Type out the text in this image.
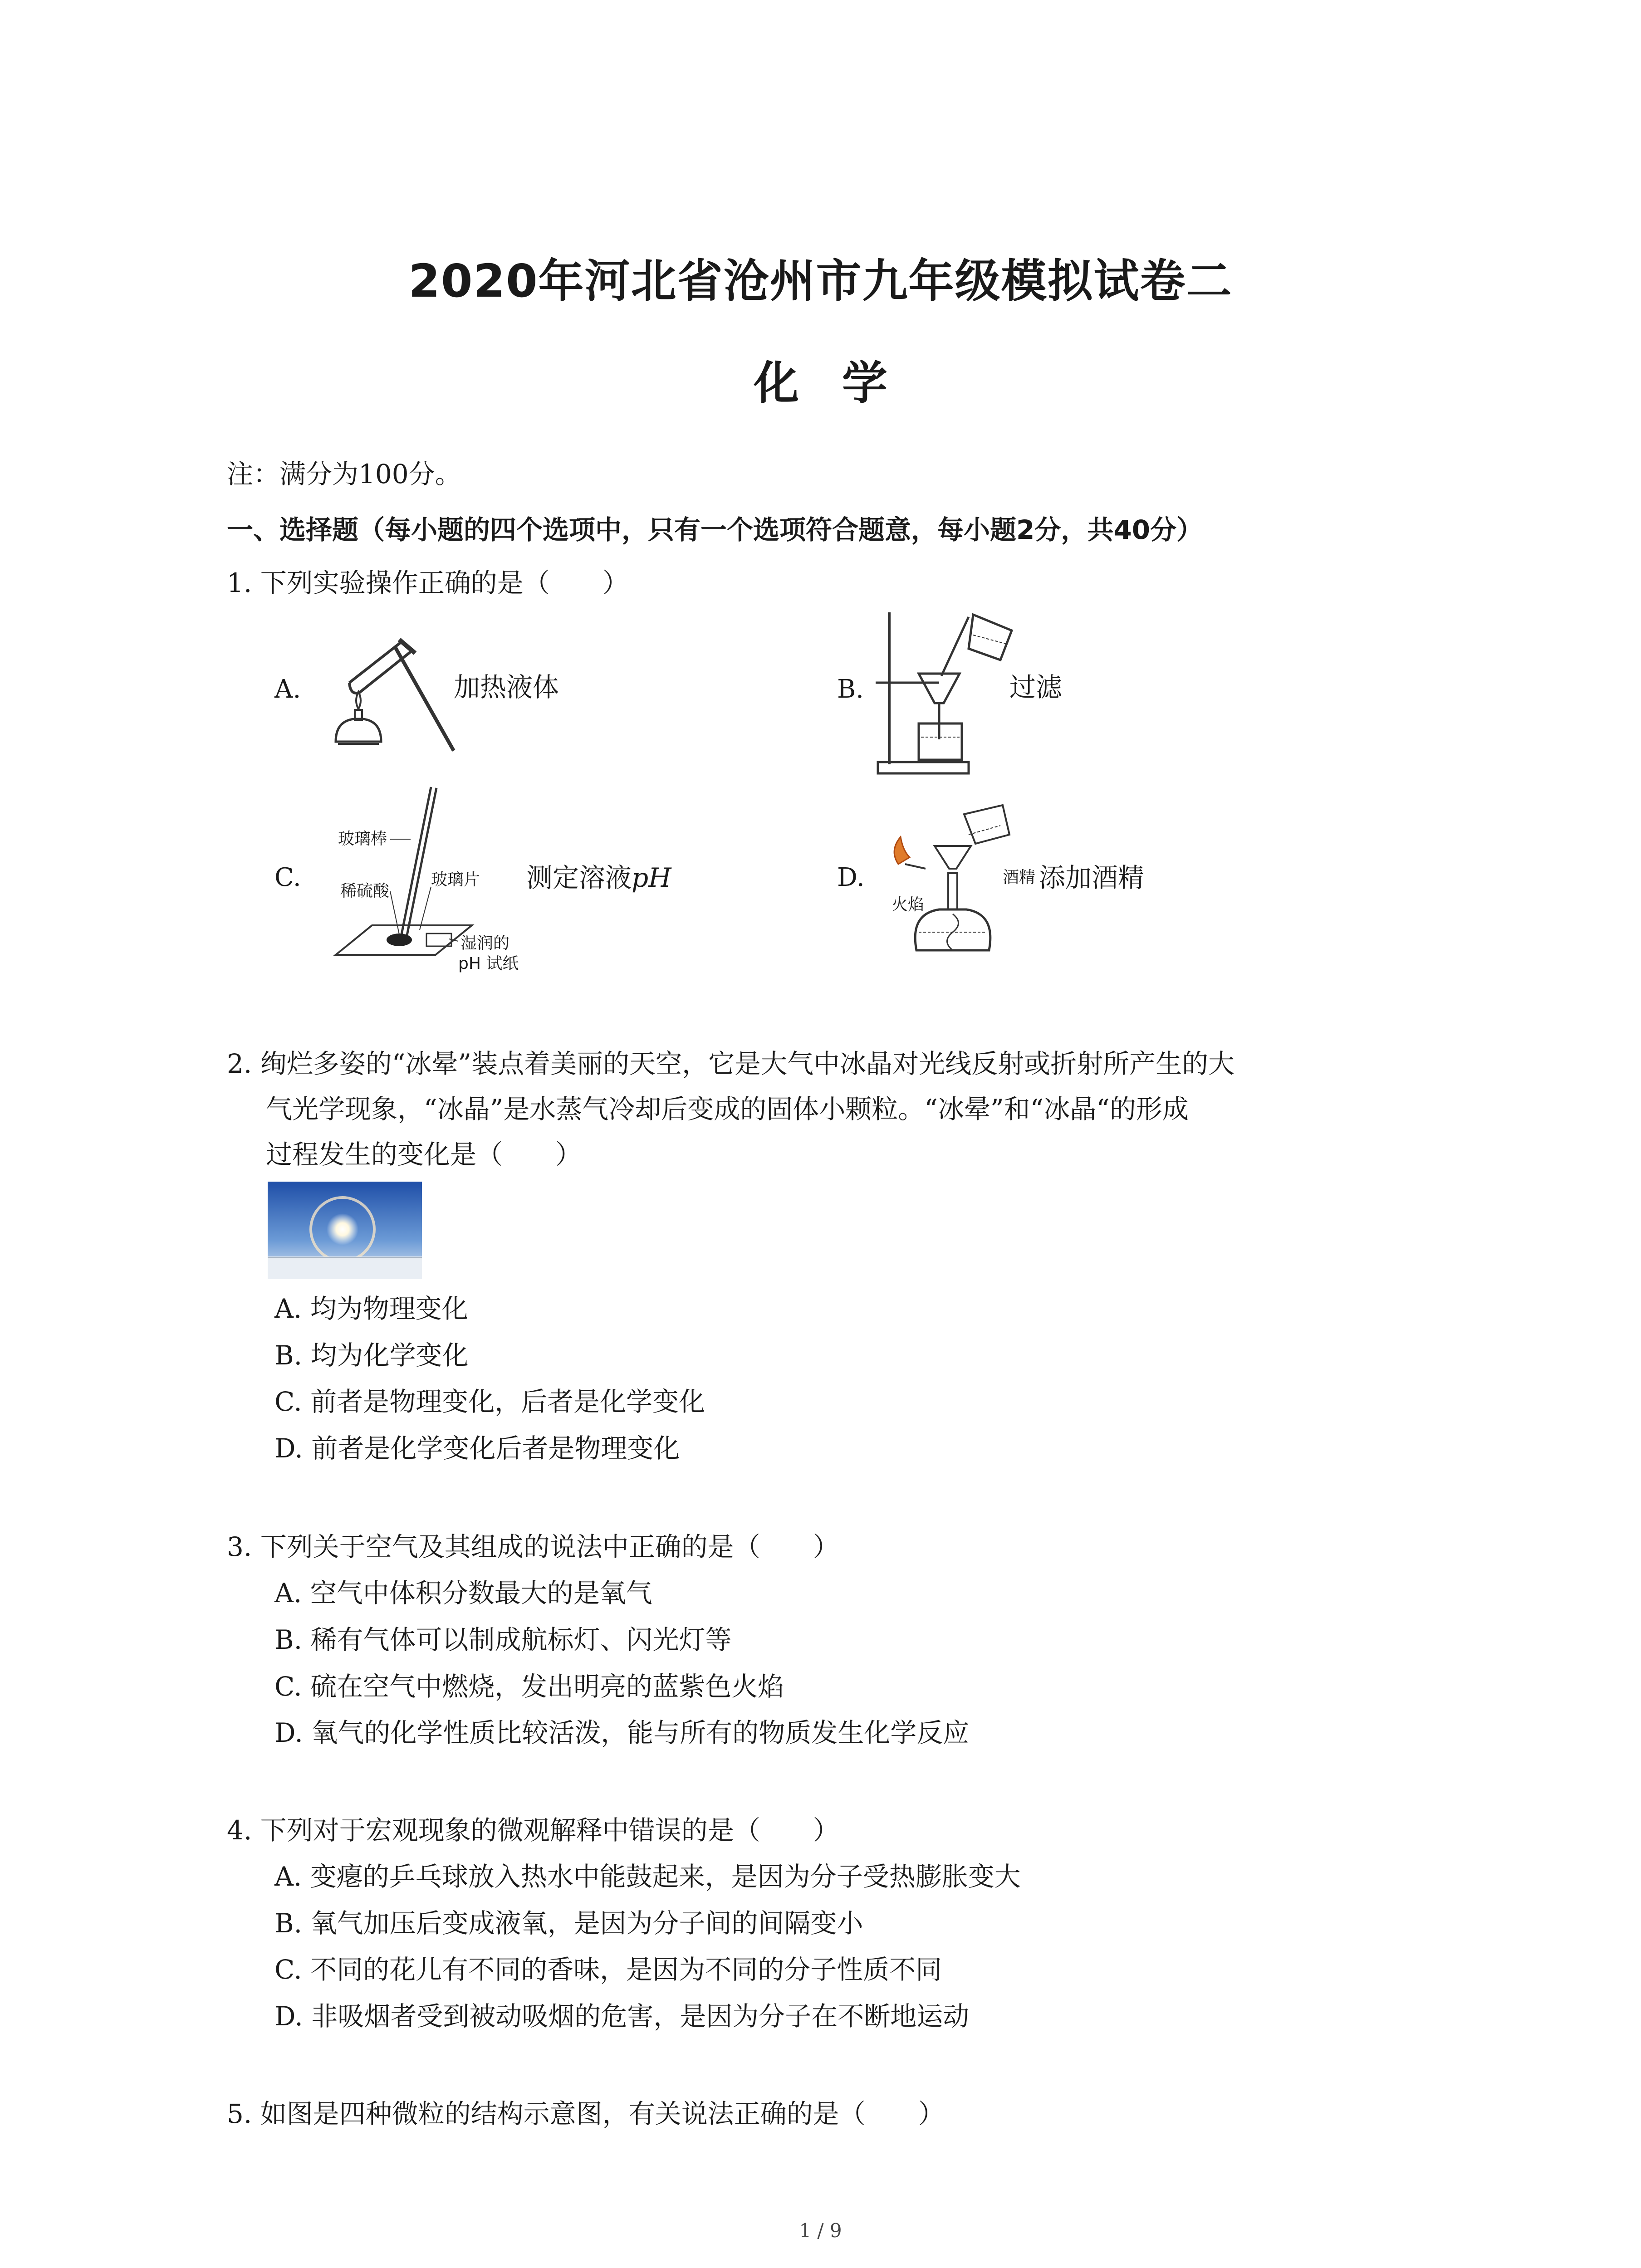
2020年河北省沧州市九年级模拟试卷二
化 学
注：满分为100分。
一、选择题（每小题的四个选项中，只有一个选项符合题意，每小题2分，共40分）
1. 下列实验操作正确的是（　　）
A.	加热液体	B.	过滤
C.
玻璃棒
稀硫酸
玻璃片
湿润的
pH 试纸
测定溶液pH	D.	酒精
火焰
添加酒精
2. 绚烂多姿的“冰晕”装点着美丽的天空，它是大气中冰晶对光线反射或折射所产生的大
气光学现象，“冰晶”是水蒸气冷却后变成的固体小颗粒。“冰晕”和“冰晶“的形成
过程发生的变化是（　　）
A. 均为物理变化
B. 均为化学变化
C. 前者是物理变化，后者是化学变化
D. 前者是化学变化后者是物理变化
3. 下列关于空气及其组成的说法中正确的是（　　）
A. 空气中体积分数最大的是氧气
B. 稀有气体可以制成航标灯、闪光灯等
C. 硫在空气中燃烧，发出明亮的蓝紫色火焰
D. 氧气的化学性质比较活泼，能与所有的物质发生化学反应
4. 下列对于宏观现象的微观解释中错误的是（　　）
A. 变瘪的乒乓球放入热水中能鼓起来，是因为分子受热膨胀变大
B. 氧气加压后变成液氧，是因为分子间的间隔变小
C. 不同的花儿有不同的香味，是因为不同的分子性质不同
D. 非吸烟者受到被动吸烟的危害，是因为分子在不断地运动
5. 如图是四种微粒的结构示意图，有关说法正确的是（　　）
1 / 9
